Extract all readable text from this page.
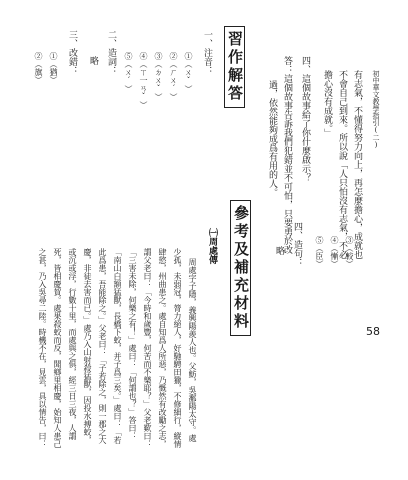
初中華文教學指引(二)
58
有志氣，不懂得努力向上，再怎麼擔心，成就也
不會自己到來。所以說「人只怕沒有志氣，不必
擔心沒有成就。」
四、這個故事給了你什麼啟示？
答：這個故事告訴我們犯錯並不可怕，只要勇於改
過，依然能夠成爲有用的人。
習作解答
一、注音：
①（ㄨˇ）
②（ㄏㄨˊ）
③（ㄉㄨˇ）
④（ㄒ一ㄢˇ）
⑤（ㄨˊ）
二、造詞：
略
三、改錯：
①（猶）
②（旗）
③（較）
④（慚）
⑤（臣）
四、造句：
略
參考及補充材料
㈠周處傳
周處字子隱，義興陽羨人也。父魴，吳鄱陽太守。處
少孤，未弱冠，膂力絕人，好馳騁田獵，不修細行，縱情
肆慾，州曲患之。處自知爲人所惡，乃慨然有改勵之志，
謂父老曰：「今時和歲豐，何苦而不樂耶？」父老歎曰：
「三害未除，何樂之有！」處曰：「何謂也？」答曰：
「南山白額猛獸，長橋下蛟，并子爲三矣。」處曰：「若
此爲患，吾能除之。」父老曰：「子若除之，則一郡之大
慶，非徒去害而已。」處乃入山射殺猛獸，因投水搏蛟，
或沉或浮，行數十里，而處與之俱，經三日三夜，人謂
死，皆相慶賀。處果殺蛟而反，聞鄉里相慶，始知人患己
之甚，乃入吳尋二陸。時機不在，見雲，具以情告，曰：
